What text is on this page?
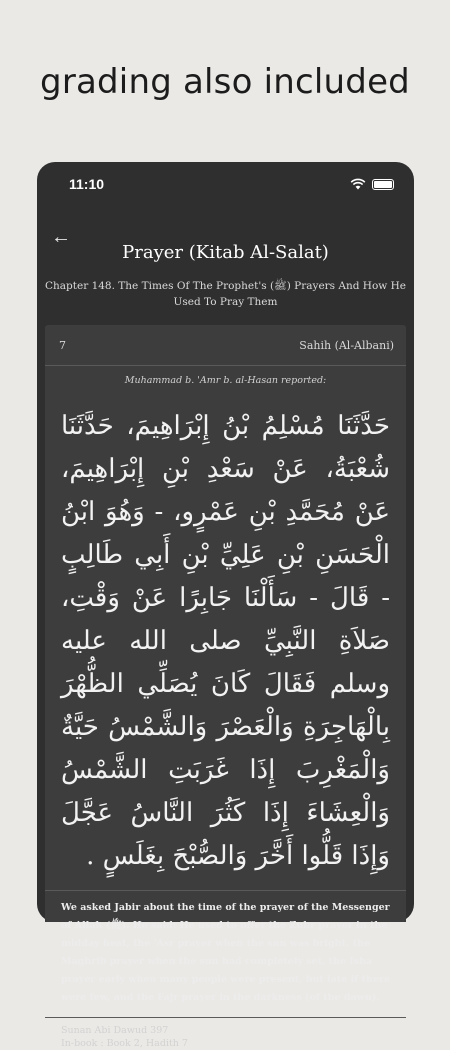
grading also included
11:10
←
Prayer (Kitab Al-Salat)
Chapter 148. The Times Of The Prophet's (ﷺ) Prayers And How He Used To Pray Them
7	Sahih (Al-Albani)
Muhammad b. 'Amr b. al-Hasan reported:
حَدَّثَنَا مُسْلِمُ بْنُ إِبْرَاهِيمَ، حَدَّثَنَا شُعْبَةُ، عَنْ سَعْدِ بْنِ إِبْرَاهِيمَ، عَنْ مُحَمَّدِ بْنِ عَمْرٍو، - وَهُوَ ابْنُ الْحَسَنِ بْنِ عَلِيِّ بْنِ أَبِي طَالِبٍ - قَالَ - سَأَلْنَا جَابِرًا عَنْ وَقْتِ، صَلاَةِ النَّبِيِّ صلى الله عليه وسلم فَقَالَ كَانَ يُصَلِّي الظُّهْرَ بِالْهَاجِرَةِ وَالْعَصْرَ وَالشَّمْسُ حَيَّةٌ وَالْمَغْرِبَ إِذَا غَرَبَتِ الشَّمْسُ وَالْعِشَاءَ إِذَا كَثُرَ النَّاسُ عَجَّلَ وَإِذَا قَلُّوا أَخَّرَ وَالصُّبْحَ بِغَلَسٍ ‏.‏
We asked Jabir about the time of the prayer of the Messenger of Allah (ﷺ). He said: He used to offer the Zuhr prayer in the midday heat, the 'Asr prayer when the sun was bright, the Maghrib prayer when the sun had completely set, the Isha prayer early when many people were present, but late if there were few, and the Fajr prayer in the darkness (of the dawn).
Sunan Abi Dawud 397
In-book : Book 2, Hadith 7
